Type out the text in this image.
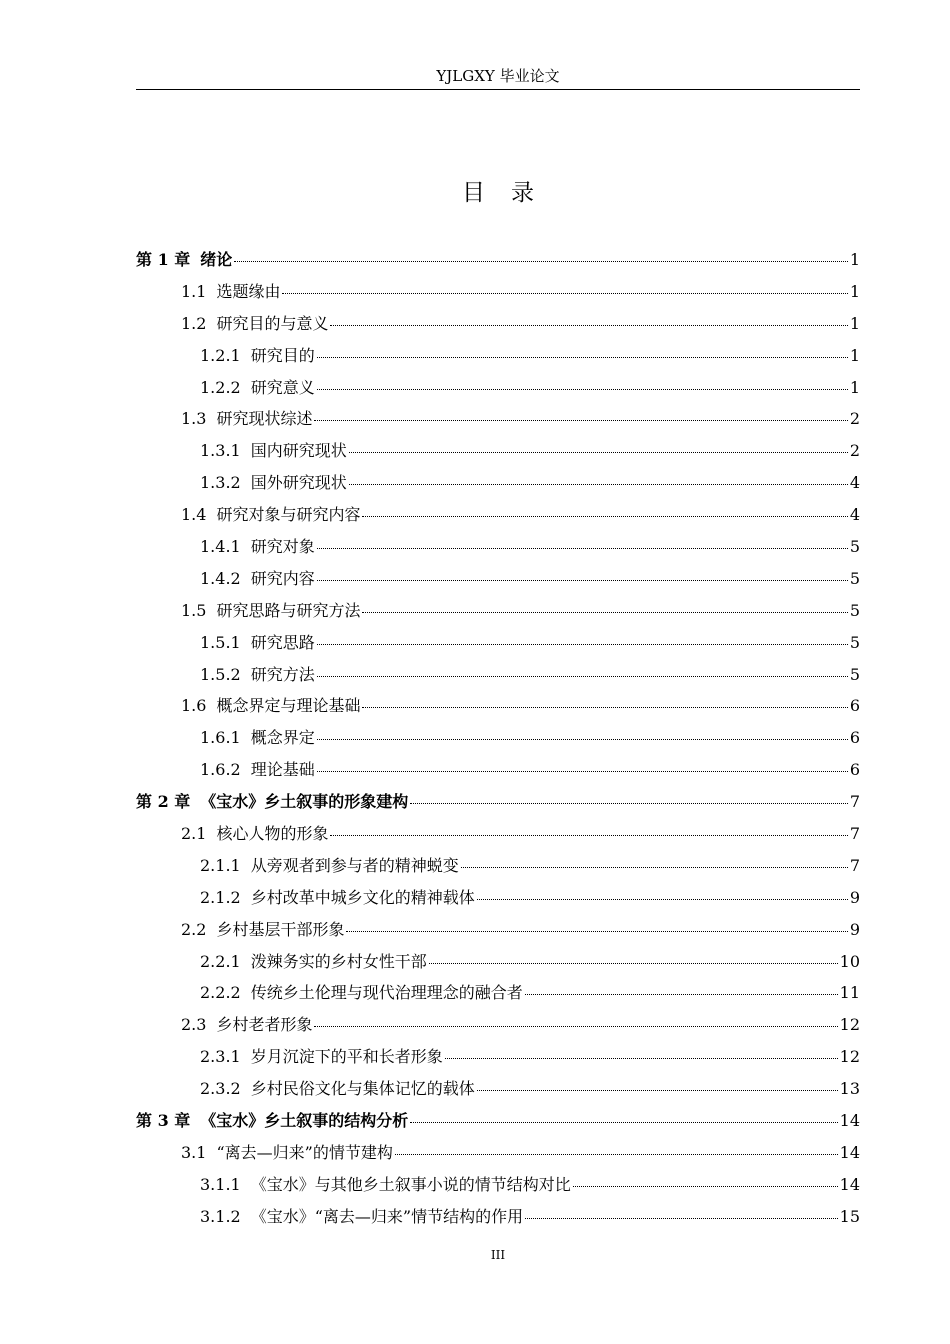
YJLGXY 毕业论文
目录
第 1 章 绪论	1
1.1 选题缘由	1
1.2 研究目的与意义	1
1.2.1 研究目的	1
1.2.2 研究意义	1
1.3 研究现状综述	2
1.3.1 国内研究现状	2
1.3.2 国外研究现状	4
1.4 研究对象与研究内容	4
1.4.1 研究对象	5
1.4.2 研究内容	5
1.5 研究思路与研究方法	5
1.5.1 研究思路	5
1.5.2 研究方法	5
1.6 概念界定与理论基础	6
1.6.1 概念界定	6
1.6.2 理论基础	6
第 2 章 《宝水》乡土叙事的形象建构	7
2.1 核心人物的形象	7
2.1.1 从旁观者到参与者的精神蜕变	7
2.1.2 乡村改革中城乡文化的精神载体	9
2.2 乡村基层干部形象	9
2.2.1 泼辣务实的乡村女性干部	10
2.2.2 传统乡土伦理与现代治理理念的融合者	11
2.3 乡村老者形象	12
2.3.1 岁月沉淀下的平和长者形象	12
2.3.2 乡村民俗文化与集体记忆的载体	13
第 3 章 《宝水》乡土叙事的结构分析	14
3.1 “离去—归来”的情节建构	14
3.1.1 《宝水》与其他乡土叙事小说的情节结构对比	14
3.1.2 《宝水》“离去—归来”情节结构的作用	15
III
